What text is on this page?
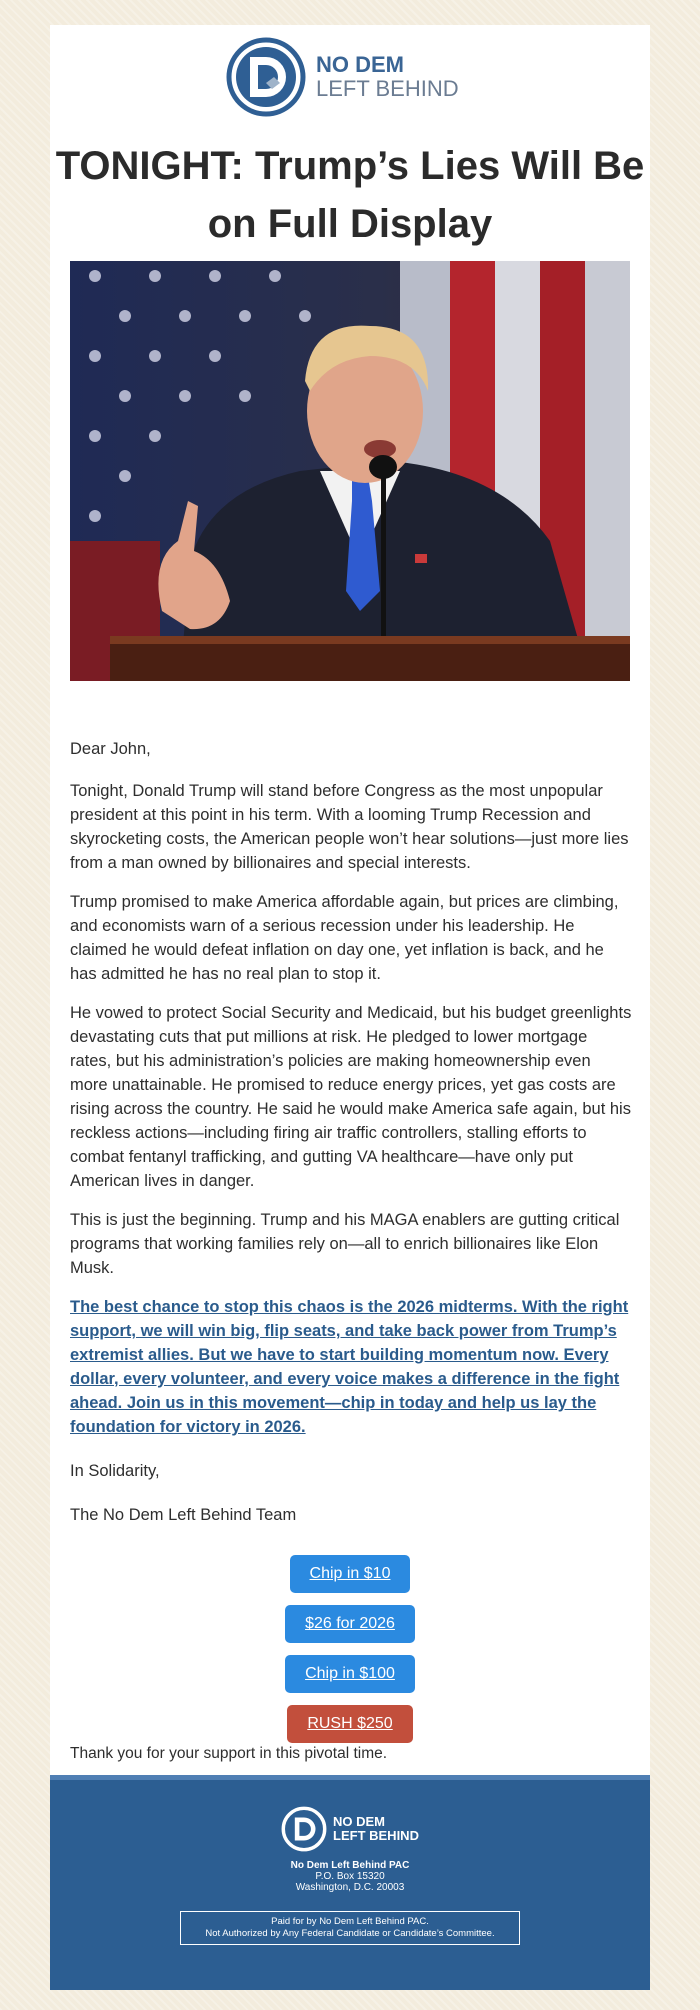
NO DEM
LEFT BEHIND
TONIGHT: Trump’s Lies Will Be on Full Display

Dear John,

Tonight, Donald Trump will stand before Congress as the most unpopular president at this point in his term. With a looming Trump Recession and skyrocketing costs, the American people won’t hear solutions—just more lies from a man owned by billionaires and special interests.

Trump promised to make America affordable again, but prices are climbing, and economists warn of a serious recession under his leadership. He claimed he would defeat inflation on day one, yet inflation is back, and he has admitted he has no real plan to stop it.

He vowed to protect Social Security and Medicaid, but his budget greenlights devastating cuts that put millions at risk. He pledged to lower mortgage rates, but his administration’s policies are making homeownership even more unattainable. He promised to reduce energy prices, yet gas costs are rising across the country. He said he would make America safe again, but his reckless actions—including firing air traffic controllers, stalling efforts to combat fentanyl trafficking, and gutting VA healthcare—have only put American lives in danger.

This is just the beginning. Trump and his MAGA enablers are gutting critical programs that working families rely on—all to enrich billionaires like Elon Musk.

The best chance to stop this chaos is the 2026 midterms. With the right support, we will win big, flip seats, and take back power from Trump’s extremist allies. But we have to start building momentum now. Every dollar, every volunteer, and every voice makes a difference in the fight ahead. Join us in this movement—chip in today and help us lay the foundation for victory in 2026.

In Solidarity,

The No Dem Left Behind Team

Chip in $10
$26 for 2026
Chip in $100
RUSH $250

Thank you for your support in this pivotal time.

NO DEM
LEFT BEHIND
No Dem Left Behind PAC
P.O. Box 15320
Washington, D.C. 20003
Paid for by No Dem Left Behind PAC.
Not Authorized by Any Federal Candidate or Candidate’s Committee.
